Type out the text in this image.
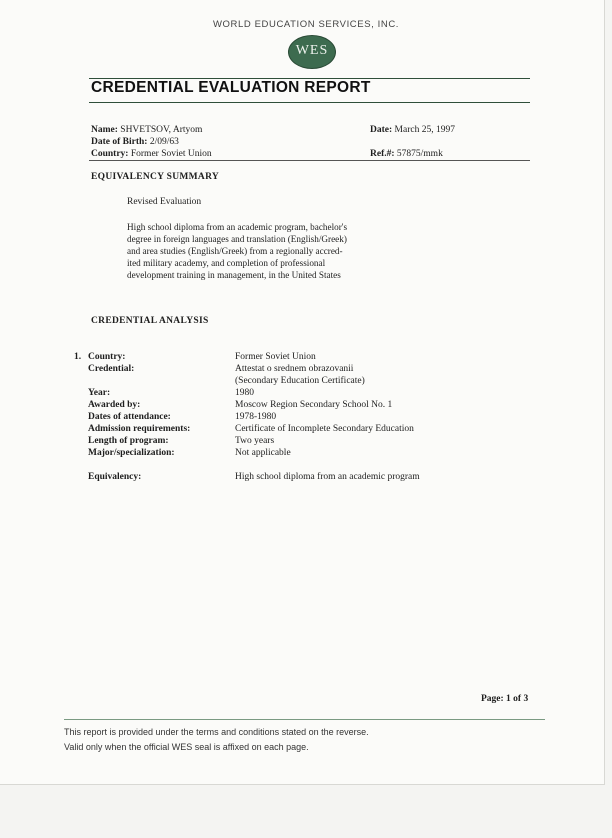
WORLD EDUCATION SERVICES, INC.
WES
CREDENTIAL EVALUATION REPORT
Name: SHVETSOV, Artyom
Date of Birth: 2/09/63
Country: Former Soviet Union
Date: March 25, 1997
Ref.#: 57875/mmk
EQUIVALENCY SUMMARY
Revised Evaluation
High school diploma from an academic program, bachelor's
degree in foreign languages and translation (English/Greek)
and area studies (English/Greek) from a regionally accred-
ited military academy, and completion of professional
development training in management, in the United States
CREDENTIAL ANALYSIS
1. Country:	Former Soviet Union
Credential:	Attestat o srednem obrazovanii
(Secondary Education Certificate)
Year:	1980
Awarded by:	Moscow Region Secondary School No. 1
Dates of attendance:	1978-1980
Admission requirements:	Certificate of Incomplete Secondary Education
Length of program:	Two years
Major/specialization:	Not applicable
Equivalency:	High school diploma from an academic program
Page: 1 of 3
This report is provided under the terms and conditions stated on the reverse.
Valid only when the official WES seal is affixed on each page.
